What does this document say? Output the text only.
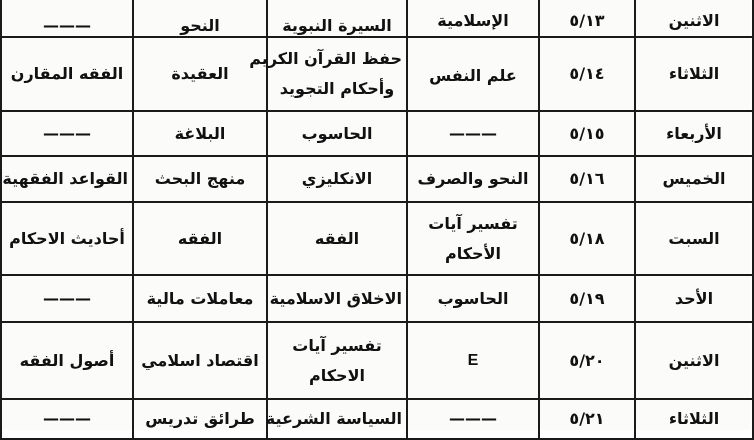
الاثنين	٥/١٣	الإسلامية	السيرة النبوية	النحو	———

الثلاثاء	٥/١٤	علم النفس	حفظ القرآن الكريم
وأحكام التجويد	العقيدة	الفقه المقارن

الأربعاء	٥/١٥	———	الحاسوب	البلاغة	———

الخميس	٥/١٦	النحو والصرف	الانكليزي	منهج البحث	القواعد الفقهية

السبت	٥/١٨	تفسير آيات
الأحكام	الفقه	الفقه	أحاديث الاحكام

الأحد	٥/١٩	الحاسوب	الاخلاق الاسلامية	معاملات مالية	———

الاثنين	٥/٢٠	E	تفسير آيات
الاحكام	اقتصاد اسلامي	أصول الفقه

الثلاثاء	٥/٢١	———	السياسة الشرعية	طرائق تدريس	———
